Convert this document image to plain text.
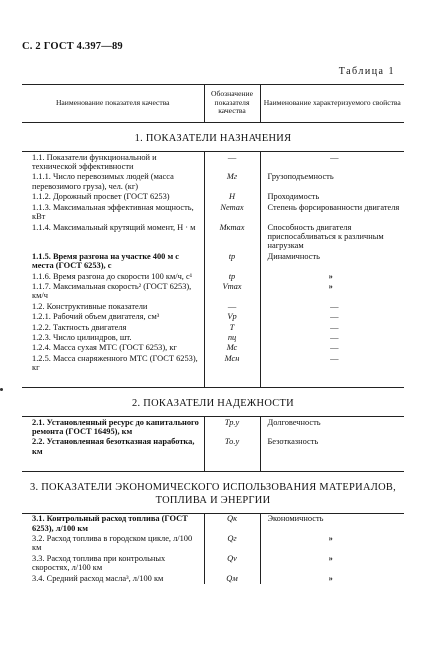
С. 2 ГОСТ 4.397—89
Таблица 1
Наименование показателя качества	Обозначение показателя качества	Наименование характеризуемого свойства
1. ПОКАЗАТЕЛИ НАЗНАЧЕНИЯ		
1.1. Показатели функциональной и технической эффективности	—	—
1.1.1. Число перевозимых людей (масса перевозимого груза), чел. (кг)	Мг	Грузоподъемность
1.1.2. Дорожный просвет (ГОСТ 6253)	Н	Проходимость
1.1.3. Максимальная эффективная мощность, кВт	Nemax	Степень форсированности двигателя
1.1.4. Максимальный крутящий момент, Н · м	Mкmax	Способность двигателя приспосабливаться к различным нагрузкам
1.1.5. Время разгона на участке 400 м с места (ГОСТ 6253), с	tр	Динамичность
1.1.6. Время разгона до скорости 100 км/ч, с¹	tр	»
1.1.7. Максимальная скорость² (ГОСТ 6253), км/ч	Vmax	»
1.2. Конструктивные показатели	—	—
1.2.1. Рабочий объем двигателя, см³	Vр	—
1.2.2. Тактность двигателя	Т	—
1.2.3. Число цилиндров, шт.	nц	—
1.2.4. Масса сухая МТС (ГОСТ 6253), кг	Мс	—
1.2.5. Масса снаряженного МТС (ГОСТ 6253), кг	Мсн	—

2. ПОКАЗАТЕЛИ НАДЕЖНОСТИ		
2.1. Установленный ресурс до капитального ремонта (ГОСТ 16495), км	Тр.у	Долговечность
2.2. Установленная безотказная наработка, км	То.у	Безотказность

3. ПОКАЗАТЕЛИ ЭКОНОМИЧЕСКОГО ИСПОЛЬЗОВАНИЯ МАТЕРИАЛОВ, ТОПЛИВА И ЭНЕРГИИ		
3.1. Контрольный расход топлива (ГОСТ 6253), л/100 км	Qк	Экономичность
3.2. Расход топлива в городском цикле, л/100 км	Qг	»
3.3. Расход топлива при контрольных скоростях, л/100 км	Qv	»
3.4. Средний расход масла³, л/100 км	Qм	»
